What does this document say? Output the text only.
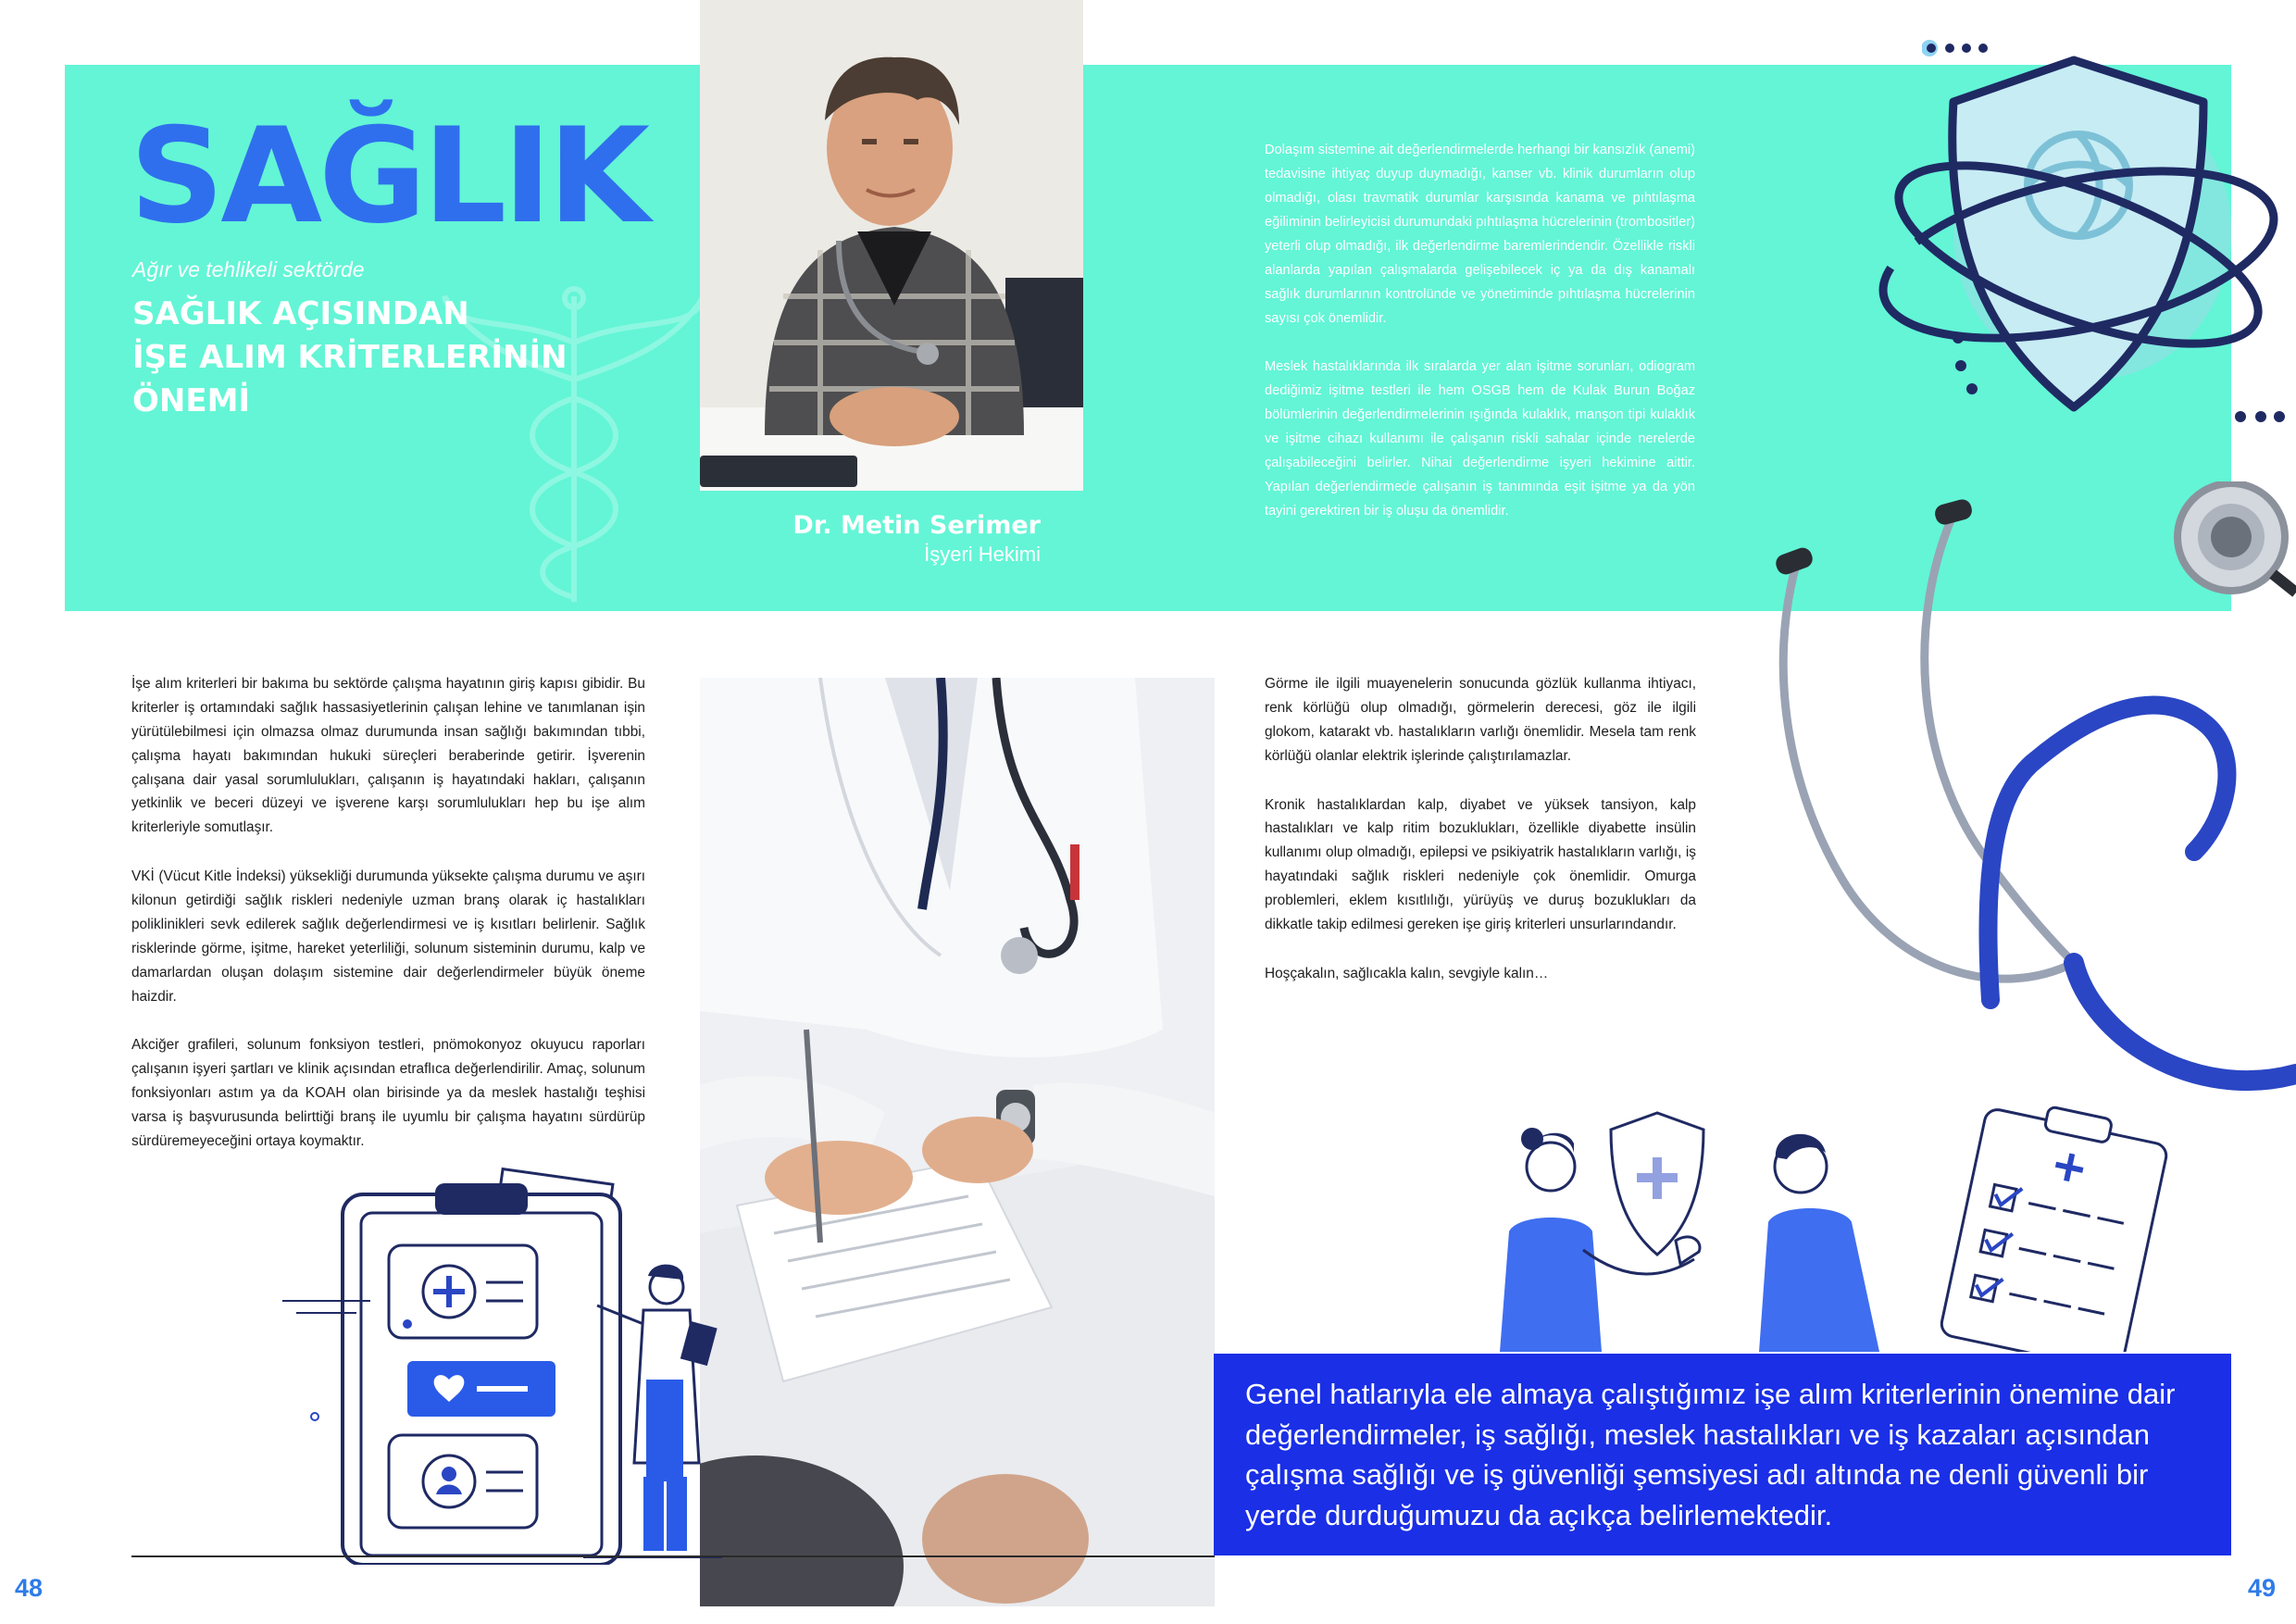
SAĞLIK
Ağır ve tehlikeli sektörde
SAĞLIK AÇISINDAN
İŞE ALIM KRİTERLERİNİN
ÖNEMİ
Dr. Metin Serimer
İşyeri Hekimi

Dolaşım sistemine ait değerlendirmelerde herhangi bir kansızlık (anemi) tedavisine ihtiyaç duyup duymadığı, kanser vb. klinik durumların olup olmadığı, olası travmatik durumlar karşısında kanama ve pıhtılaşma eğiliminin belirleyicisi durumundaki pıhtılaşma hücrelerinin (trombositler) yeterli olup olmadığı, ilk değerlendirme baremlerindendir. Özellikle riskli alanlarda yapılan çalışmalarda gelişebilecek iç ya da dış kanamalı sağlık durumlarının kontrolünde ve yönetiminde pıhtılaşma hücrelerinin sayısı çok önemlidir.

Meslek hastalıklarında ilk sıralarda yer alan işitme sorunları, odiogram dediğimiz işitme testleri ile hem OSGB hem de Kulak Burun Boğaz bölümlerinin değerlendirmelerinin ışığında kulaklık, manşon tipi kulaklık ve işitme cihazı kullanımı ile çalışanın riskli sahalar içinde nerelerde çalışabileceğini belirler. Nihai değerlendirme işyeri hekimine aittir. Yapılan değerlendirmede çalışanın iş tanımında eşit işitme ya da yön tayini gerektiren bir iş oluşu da önemlidir.

İşe alım kriterleri bir bakıma bu sektörde çalışma hayatının giriş kapısı gibidir. Bu kriterler iş ortamındaki sağlık hassasiyetlerinin çalışan lehine ve tanımlanan işin yürütülebilmesi için olmazsa olmaz durumunda insan sağlığı bakımından tıbbi, çalışma hayatı bakımından hukuki süreçleri beraberinde getirir. İşverenin çalışana dair yasal sorumlulukları, çalışanın iş hayatındaki hakları, çalışanın yetkinlik ve beceri düzeyi ve işverene karşı sorumlulukları hep bu işe alım kriterleriyle somutlaşır.

VKİ (Vücut Kitle İndeksi) yüksekliği durumunda yüksekte çalışma durumu ve aşırı kilonun getirdiği sağlık riskleri nedeniyle uzman branş olarak iç hastalıkları poliklinikleri sevk edilerek sağlık değerlendirmesi ve iş kısıtları belirlenir. Sağlık risklerinde görme, işitme, hareket yeterliliği, solunum sisteminin durumu, kalp ve damarlardan oluşan dolaşım sistemine dair değerlendirmeler büyük öneme haizdir.

Akciğer grafileri, solunum fonksiyon testleri, pnömokonyoz okuyucu raporları çalışanın işyeri şartları ve klinik açısından etraflıca değerlendirilir. Amaç, solunum fonksiyonları astım ya da KOAH olan birisinde ya da meslek hastalığı teşhisi varsa iş başvurusunda belirttiği branş ile uyumlu bir çalışma hayatını sürdürüp sürdüremeyeceğini ortaya koymaktır.

Görme ile ilgili muayenelerin sonucunda gözlük kullanma ihtiyacı, renk körlüğü olup olmadığı, görmelerin derecesi, göz ile ilgili glokom, katarakt vb. hastalıkların varlığı önemlidir. Mesela tam renk körlüğü olanlar elektrik işlerinde çalıştırılamazlar.

Kronik hastalıklardan kalp, diyabet ve yüksek tansiyon, kalp hastalıkları ve kalp ritim bozuklukları, özellikle diyabette insülin kullanımı olup olmadığı, epilepsi ve psikiyatrik hastalıkların varlığı, iş hayatındaki sağlık riskleri nedeniyle çok önemlidir. Omurga problemleri, eklem kısıtlılığı, yürüyüş ve duruş bozuklukları da dikkatle takip edilmesi gereken işe giriş kriterleri unsurlarındandır.

Hoşçakalın, sağlıcakla kalın, sevgiyle kalın…

Genel hatlarıyla ele almaya çalıştığımız işe alım kriterlerinin önemine dair değerlendirmeler, iş sağlığı, meslek hastalıkları ve iş kazaları açısından çalışma sağlığı ve iş güvenliği şemsiyesi adı altında ne denli güvenli bir yerde durduğumuzu da açıkça belirlemektedir.
48	49
